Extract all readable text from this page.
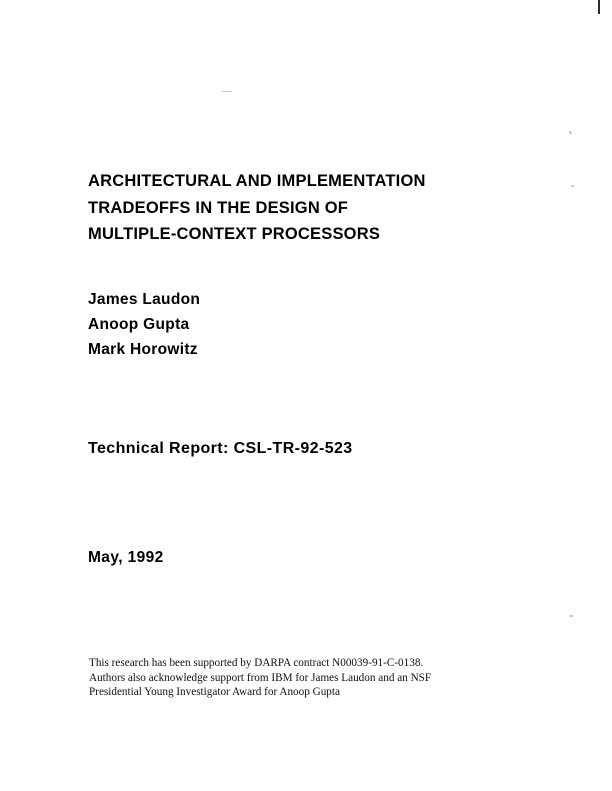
ARCHITECTURAL AND IMPLEMENTATION
TRADEOFFS IN THE DESIGN OF
MULTIPLE-CONTEXT PROCESSORS
James Laudon
Anoop Gupta
Mark Horowitz
Technical Report: CSL-TR-92-523
May, 1992
This research has been supported by DARPA contract N00039-91-C-0138.
Authors also acknowledge support from IBM for James Laudon and an NSF
Presidential Young Investigator Award for Anoop Gupta
